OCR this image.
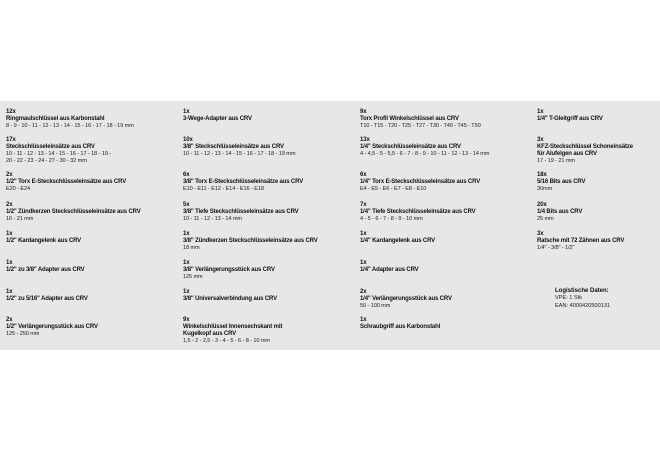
12x
Ringmaulschlüssel aus Karbonstahl
8 - 9 - 10 - 11 - 12 - 13 - 14 - 15 - 16 - 17 - 18 - 19 mm
17x
Steckschlüsseleinsätze aus CRV
10 - 11 - 12 - 13 - 14 - 15 - 16 - 17 - 18 - 19 -
20 - 22 - 23 - 24 - 27 - 30 - 32 mm
2x
1/2" Torx E-Steckschlüsseleinsätze aus CRV
E20 - E24
2x
1/2" Zündkerzen Steckschlüsseleinsätze aus CRV
16 - 21 mm
1x
1/2" Kardangelenk aus CRV
1x
1/2" zu 3/8" Adapter aus CRV
1x
1/2" zu 5/16" Adapter aus CRV
2x
1/2" Verlängerungsstück aus CRV
125 - 250 mm
1x
3-Wege-Adapter aus CRV
10x
3/8" Steckschlüsseleinsätze aus CRV
10 - 11 - 12 - 13 - 14 - 15 - 16 - 17 - 18 - 19 mm
6x
3/8" Torx E-Steckschlüsseleinsätze aus CRV
E10 - E11 - E12 - E14 - E16 - E18
5x
3/8" Tiefe Steckschlüsseleinsätze aus CRV
10 - 11 - 12 - 13 - 14 mm
1x
3/8" Zündkerzen Steckschlüsseleinsätze aus CRV
18 mm
1x
3/8" Verlängerungsstück aus CRV
125 mm
1x
3/8" Universalverbindung aus CRV
9x
Winkelschlüssel Innensechskant mit
Kugelkopf aus CRV
1,5 - 2 - 2,5 - 3 - 4 - 5 - 6 - 8 - 10 mm
9x
Torx Profil Winkelschlüssel aus CRV
T10 - T15 - T20 - T25 - T27 - T30 - T40 - T45 - T50
13x
1/4" Steckschlüsseleinsätze aus CRV
4 - 4,5 - 5 - 5,5 - 6 - 7 - 8 - 9 - 10 - 11 - 12 - 13 - 14 mm
6x
1/4" Torx E-Steckschlüsseleinsätze aus CRV
E4 - E5 - E6 - E7 - E8 - E10
7x
1/4" Tiefe Steckschlüsseleinsätze aus CRV
4 - 5 - 6 - 7 - 8 - 9 - 10 mm
1x
1/4" Kardangelenk aus CRV
1x
1/4" Adapter aus CRV
2x
1/4" Verlängerungsstück aus CRV
50 - 100 mm
1x
Schraubgriff aus Karbonstahl
1x
1/4" T-Gleitgriff aus CRV
3x
KFZ-Steckschlüssel Schoneinsätze
für Alufelgen aus CRV
17 - 19 - 21 mm
18x
5/16 Bits aus CRV
30mm
20x
1/4 Bits aus CRV
25 mm
3x
Ratsche mit 72 Zähnen aus CRV
1/4" - 3/8" - 1/2"
Logistische Daten:
VPE: 1 Stk
EAN: 4000420500131
